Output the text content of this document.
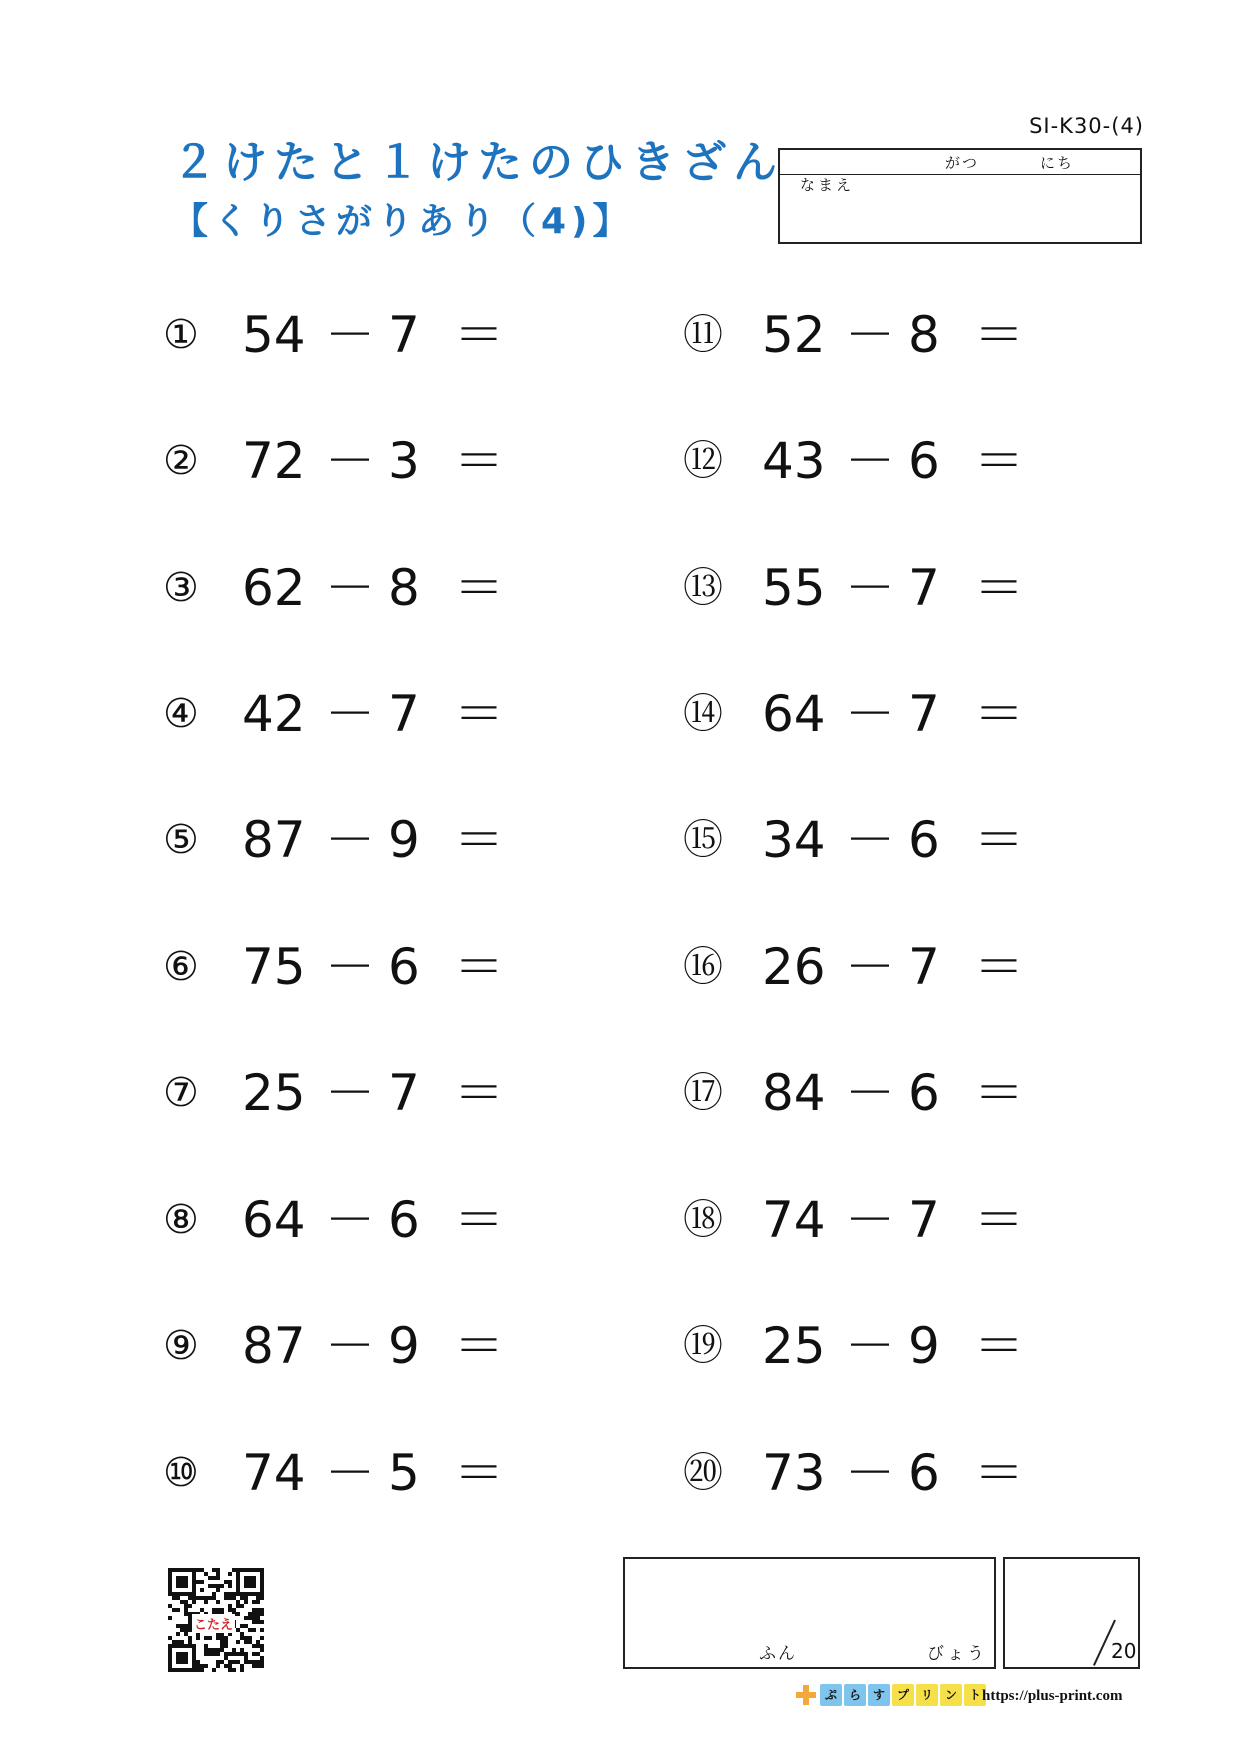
SI-K30-(4)
２けたと１けたのひきざん
【くりさがりあり（4)】
がつ	にち
なまえ
① 54 － 7 ＝
② 72 － 3 ＝
③ 62 － 8 ＝
④ 42 － 7 ＝
⑤ 87 － 9 ＝
⑥ 75 － 6 ＝
⑦ 25 － 7 ＝
⑧ 64 － 6 ＝
⑨ 87 － 9 ＝
⑩ 74 － 5 ＝
⑪ 52 － 8 ＝
⑫ 43 － 6 ＝
⑬ 55 － 7 ＝
⑭ 64 － 7 ＝
⑮ 34 － 6 ＝
⑯ 26 － 7 ＝
⑰ 84 － 6 ＝
⑱ 74 － 7 ＝
⑲ 25 － 9 ＝
⑳ 73 － 6 ＝
こたえ
ふん	びょう	20
ぷ ら す プ リ ン ト https://plus-print.com
